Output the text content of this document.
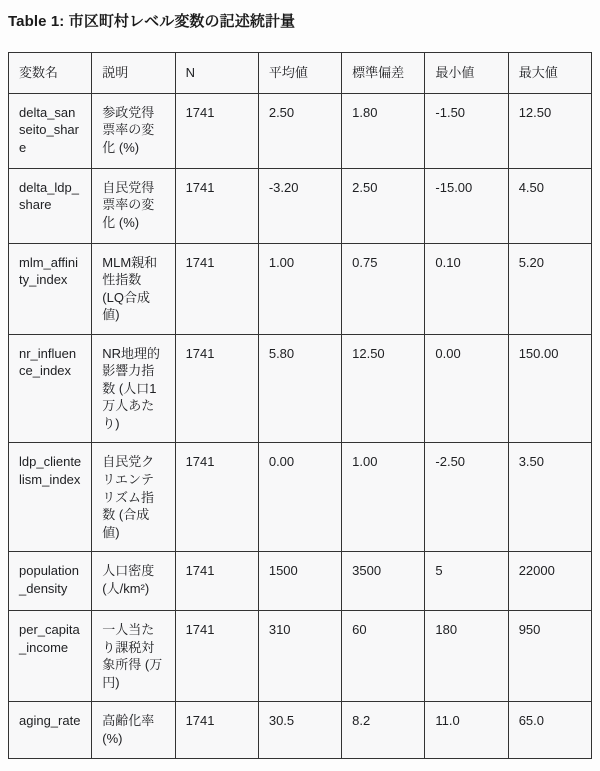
Table 1: 市区町村レベル変数の記述統計量
変数名	説明	N	平均値	標準偏差	最小値	最大値
delta_sanseito_share	参政党得票率の変化 (%)	1741	2.50	1.80	-1.50	12.50
delta_ldp_share	自民党得票率の変化 (%)	1741	-3.20	2.50	-15.00	4.50
mlm_affinity_index	MLM親和性指数 (LQ合成値)	1741	1.00	0.75	0.10	5.20
nr_influence_index	NR地理的影響力指数 (人口1万人あたり)	1741	5.80	12.50	0.00	150.00
ldp_clientelism_index	自民党クリエンテリズム指数 (合成値)	1741	0.00	1.00	-2.50	3.50
population_density	人口密度 (人/km²)	1741	1500	3500	5	22000
per_capita_income	一人当たり課税対象所得 (万円)	1741	310	60	180	950
aging_rate	高齢化率 (%)	1741	30.5	8.2	11.0	65.0
